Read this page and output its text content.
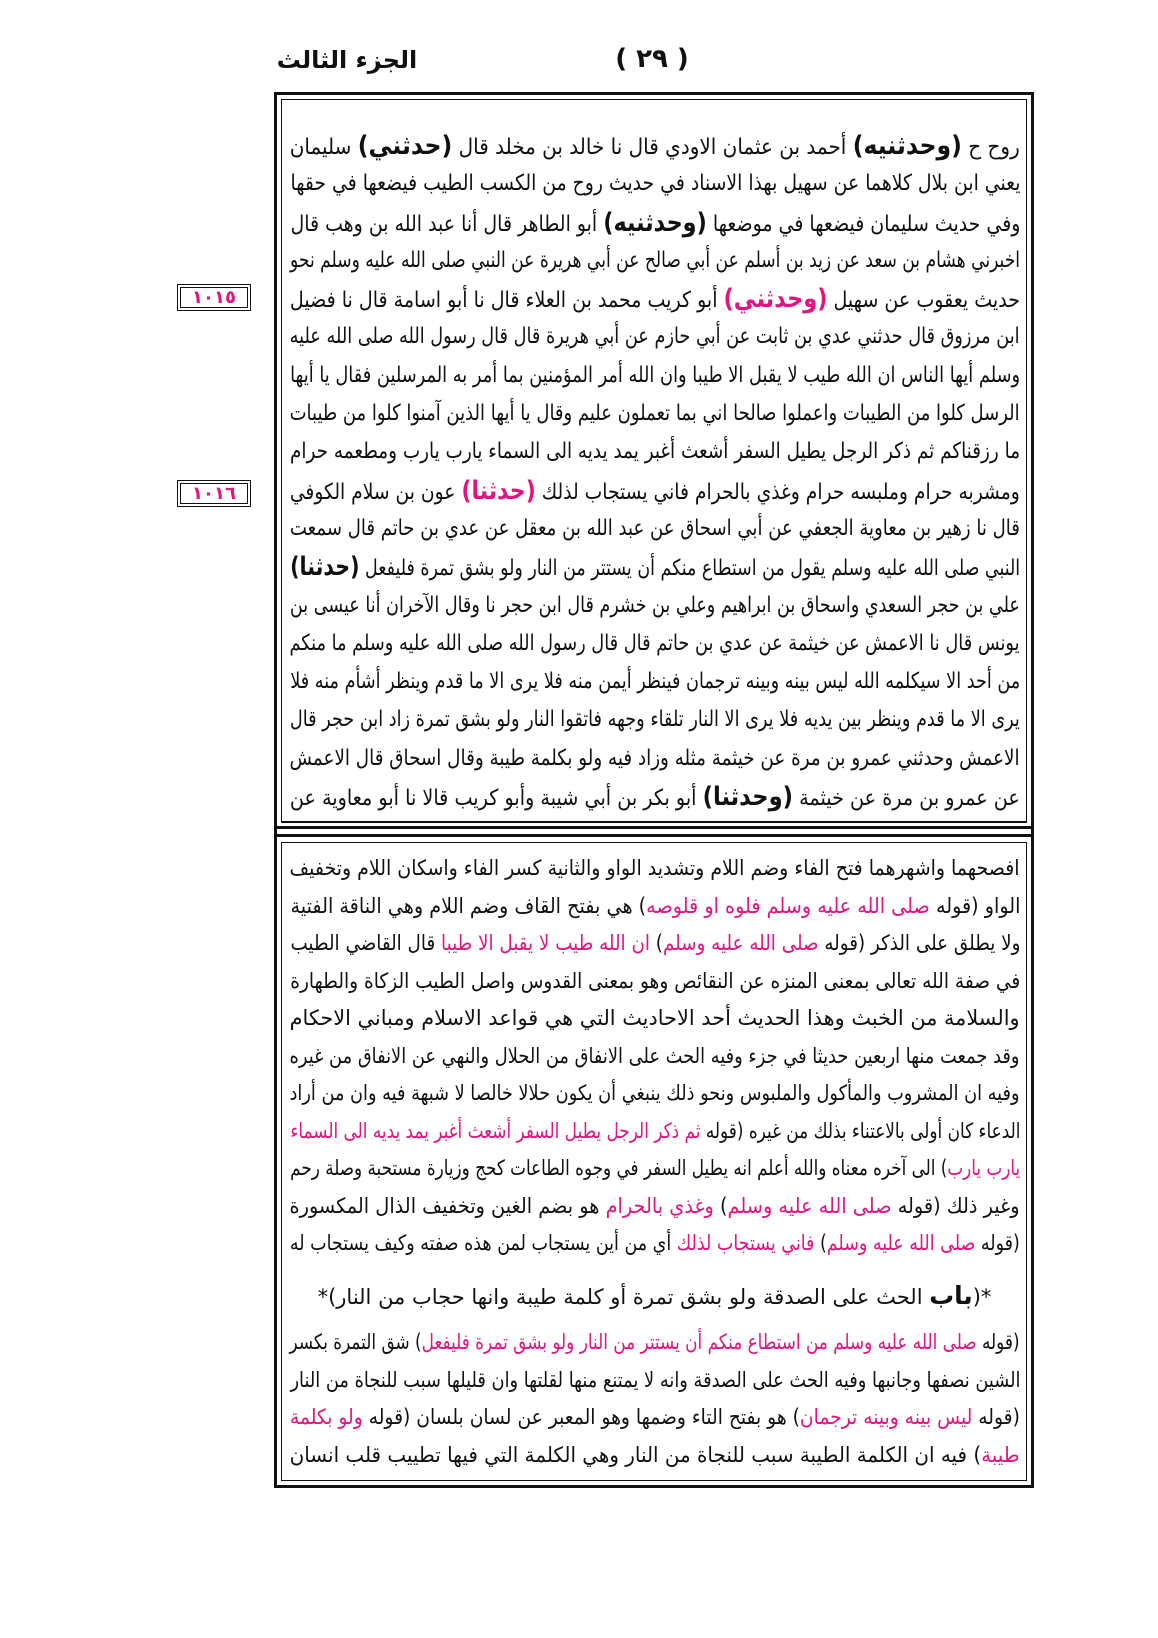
الجزء الثالث	( ٢٩ )
١٠١٥
١٠١٦
روح ح (وحدثنيه) أحمد بن عثمان الاودي قال نا خالد بن مخلد قال (حدثني) سليمان
يعني ابن بلال كلاهما عن سهيل بهذا الاسناد في حديث روح من الكسب الطيب فيضعها في حقها
وفي حديث سليمان فيضعها في موضعها (وحدثنيه) أبو الطاهر قال أنا عبد الله بن وهب قال
اخبرني هشام بن سعد عن زيد بن أسلم عن أبي صالح عن أبي هريرة عن النبي صلى الله عليه وسلم نحو
حديث يعقوب عن سهيل (وحدثني) أبو كريب محمد بن العلاء قال نا أبو اسامة قال نا فضيل
ابن مرزوق قال حدثني عدي بن ثابت عن أبي حازم عن أبي هريرة قال قال رسول الله صلى الله عليه
وسلم أيها الناس ان الله طيب لا يقبل الا طيبا وان الله أمر المؤمنين بما أمر به المرسلين فقال يا أيها
الرسل كلوا من الطيبات واعملوا صالحا اني بما تعملون عليم وقال يا أيها الذين آمنوا كلوا من طيبات
ما رزقناكم ثم ذكر الرجل يطيل السفر أشعث أغبر يمد يديه الى السماء يارب يارب ومطعمه حرام
ومشربه حرام وملبسه حرام وغذي بالحرام فاني يستجاب لذلك (حدثنا) عون بن سلام الكوفي
قال نا زهير بن معاوية الجعفي عن أبي اسحاق عن عبد الله بن معقل عن عدي بن حاتم قال سمعت
النبي صلى الله عليه وسلم يقول من استطاع منكم أن يستتر من النار ولو بشق تمرة فليفعل (حدثنا)
علي بن حجر السعدي واسحاق بن ابراهيم وعلي بن خشرم قال ابن حجر نا وقال الآخران أنا عيسى بن
يونس قال نا الاعمش عن خيثمة عن عدي بن حاتم قال قال رسول الله صلى الله عليه وسلم ما منكم
من أحد الا سيكلمه الله ليس بينه وبينه ترجمان فينظر أيمن منه فلا يرى الا ما قدم وينظر أشأم منه فلا
يرى الا ما قدم وينظر بين يديه فلا يرى الا النار تلقاء وجهه فاتقوا النار ولو بشق تمرة زاد ابن حجر قال
الاعمش وحدثني عمرو بن مرة عن خيثمة مثله وزاد فيه ولو بكلمة طيبة وقال اسحاق قال الاعمش
عن عمرو بن مرة عن خيثمة (وحدثنا) أبو بكر بن أبي شيبة وأبو كريب قالا نا أبو معاوية عن
افصحهما واشهرهما فتح الفاء وضم اللام وتشديد الواو والثانية كسر الفاء واسكان اللام وتخفيف
الواو (قوله صلى الله عليه وسلم فلوه او قلوصه) هي بفتح القاف وضم اللام وهي الناقة الفتية
ولا يطلق على الذكر (قوله صلى الله عليه وسلم) ان الله طيب لا يقبل الا طيبا قال القاضي الطيب
في صفة الله تعالى بمعنى المنزه عن النقائص وهو بمعنى القدوس واصل الطيب الزكاة والطهارة
والسلامة من الخبث وهذا الحديث أحد الاحاديث التي هي قواعد الاسلام ومباني الاحكام
وقد جمعت منها اربعين حديثا في جزء وفيه الحث على الانفاق من الحلال والنهي عن الانفاق من غيره
وفيه ان المشروب والمأكول والملبوس ونحو ذلك ينبغي أن يكون حلالا خالصا لا شبهة فيه وان من أراد
الدعاء كان أولى بالاعتناء بذلك من غيره (قوله ثم ذكر الرجل يطيل السفر أشعث أغبر يمد يديه الى السماء
يارب يارب) الى آخره معناه والله أعلم انه يطيل السفر في وجوه الطاعات كحج وزيارة مستحبة وصلة رحم
وغير ذلك (قوله صلى الله عليه وسلم) وغذي بالحرام هو بضم الغين وتخفيف الذال المكسورة
(قوله صلى الله عليه وسلم) فاني يستجاب لذلك أي من أين يستجاب لمن هذه صفته وكيف يستجاب له
*(باب الحث على الصدقة ولو بشق تمرة أو كلمة طيبة وانها حجاب من النار)*
(قوله صلى الله عليه وسلم من استطاع منكم أن يستتر من النار ولو بشق تمرة فليفعل) شق التمرة بكسر
الشين نصفها وجانبها وفيه الحث على الصدقة وانه لا يمتنع منها لقلتها وان قليلها سبب للنجاة من النار
(قوله ليس بينه وبينه ترجمان) هو بفتح التاء وضمها وهو المعبر عن لسان بلسان (قوله ولو بكلمة
طيبة) فيه ان الكلمة الطيبة سبب للنجاة من النار وهي الكلمة التي فيها تطييب قلب انسان
